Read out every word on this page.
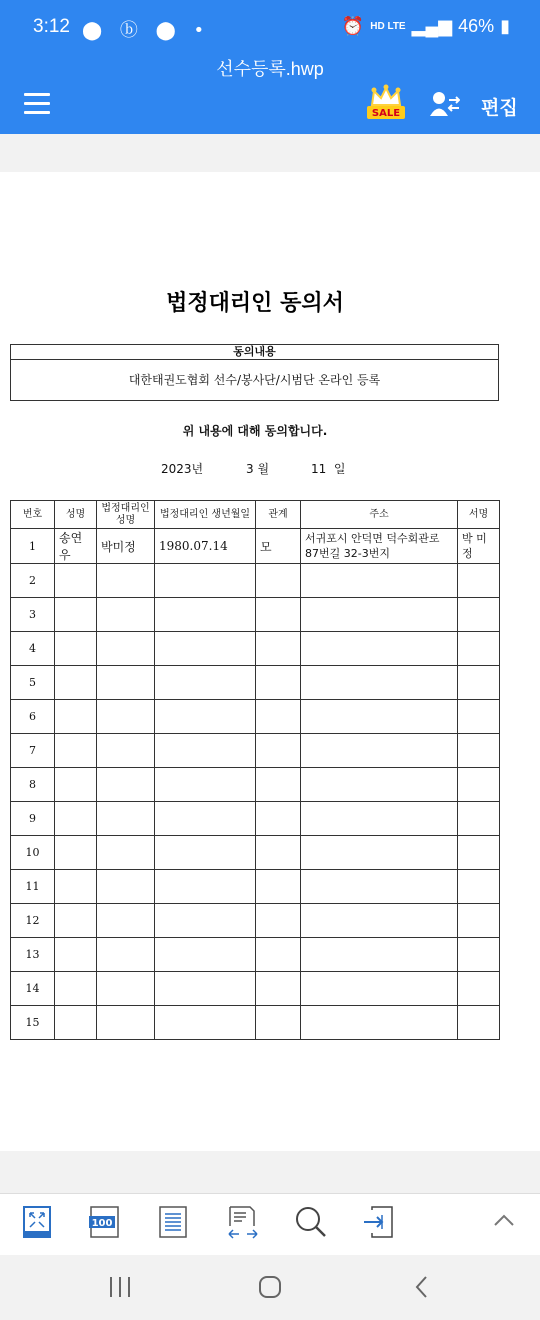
3:12 ⬤ ⓑ ⬤ •	⏰ HD LTE ▂▄▆ 46% ▮
선수등록.hwp
SALE	편집
법정대리인 동의서
동의내용
대한태권도협회 선수/봉사단/시범단 온라인 등록
위 내용에 대해 동의합니다.
2023년	3 월	11  일
번호	성명	법정대리인 성명	법정대리인 생년월일	관계	주소	서명
1	송연우	박미정	1980.07.14	모	서귀포시 안덕면 덕수회관로87번길 32-3번지	박 미 정
2						
3						
4						
5						
6						
7						
8						
9						
10						
11						
12						
13						
14						
15						
100
